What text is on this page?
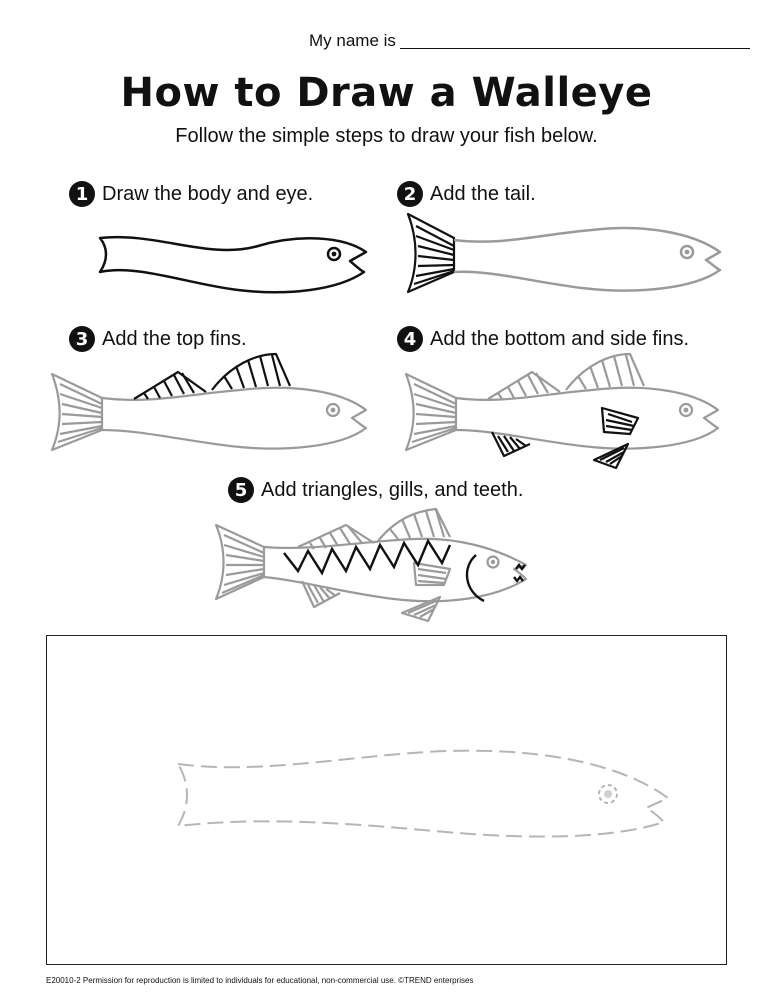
My name is
How to Draw a Walleye
Follow the simple steps to draw your fish below.
1 Draw the body and eye.	2 Add the tail.
3 Add the top fins.	4 Add the bottom and side fins.
5 Add triangles, gills, and teeth.
E20010-2 Permission for reproduction is limited to individuals for educational, non-commercial use. ©TREND enterprises
